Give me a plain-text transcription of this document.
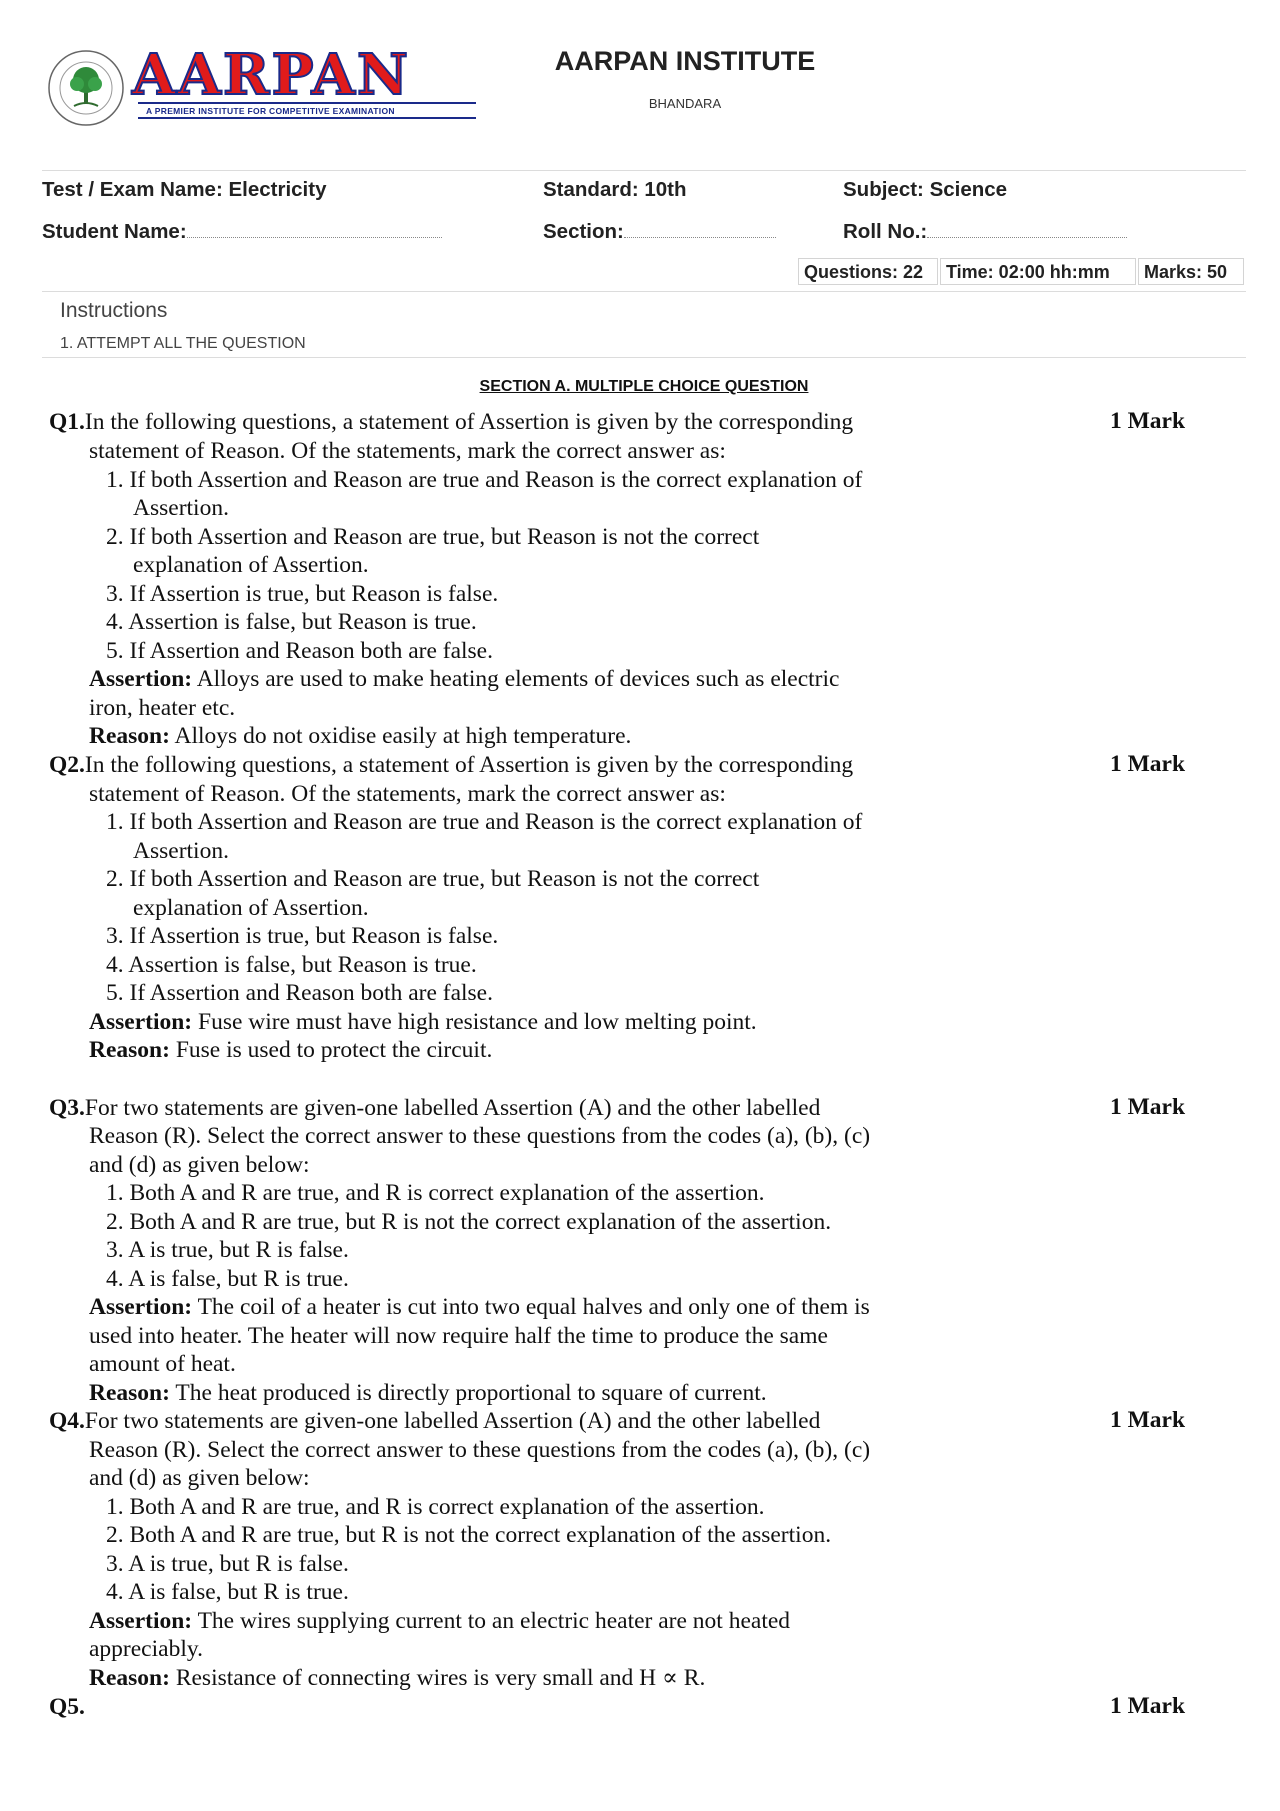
AARPAN
A PREMIER INSTITUTE FOR COMPETITIVE EXAMINATION
AARPAN INSTITUTE
BHANDARA
Test / Exam Name: Electricity	Standard: 10th	Subject: Science
Student Name:	Section:	Roll No.:
Questions: 22	Time: 02:00 hh:mm	Marks: 50
Instructions
1. ATTEMPT ALL THE QUESTION
SECTION A. MULTIPLE CHOICE QUESTION
Q1.In the following questions, a statement of Assertion is given by the corresponding
statement of Reason. Of the statements, mark the correct answer as:
1. If both Assertion and Reason are true and Reason is the correct explanation of
Assertion.
2. If both Assertion and Reason are true, but Reason is not the correct
explanation of Assertion.
3. If Assertion is true, but Reason is false.
4. Assertion is false, but Reason is true.
5. If Assertion and Reason both are false.
Assertion: Alloys are used to make heating elements of devices such as electric
iron, heater etc.
Reason: Alloys do not oxidise easily at high temperature.
1 Mark
Q2.In the following questions, a statement of Assertion is given by the corresponding
statement of Reason. Of the statements, mark the correct answer as:
1. If both Assertion and Reason are true and Reason is the correct explanation of
Assertion.
2. If both Assertion and Reason are true, but Reason is not the correct
explanation of Assertion.
3. If Assertion is true, but Reason is false.
4. Assertion is false, but Reason is true.
5. If Assertion and Reason both are false.
Assertion: Fuse wire must have high resistance and low melting point.
Reason: Fuse is used to protect the circuit.
1 Mark
Q3.For two statements are given-one labelled Assertion (A) and the other labelled
Reason (R). Select the correct answer to these questions from the codes (a), (b), (c)
and (d) as given below:
1. Both A and R are true, and R is correct explanation of the assertion.
2. Both A and R are true, but R is not the correct explanation of the assertion.
3. A is true, but R is false.
4. A is false, but R is true.
Assertion: The coil of a heater is cut into two equal halves and only one of them is
used into heater. The heater will now require half the time to produce the same
amount of heat.
Reason: The heat produced is directly proportional to square of current.
1 Mark
Q4.For two statements are given-one labelled Assertion (A) and the other labelled
Reason (R). Select the correct answer to these questions from the codes (a), (b), (c)
and (d) as given below:
1. Both A and R are true, and R is correct explanation of the assertion.
2. Both A and R are true, but R is not the correct explanation of the assertion.
3. A is true, but R is false.
4. A is false, but R is true.
Assertion: The wires supplying current to an electric heater are not heated
appreciably.
Reason: Resistance of connecting wires is very small and H ∝ R.
1 Mark
Q5.	1 Mark
